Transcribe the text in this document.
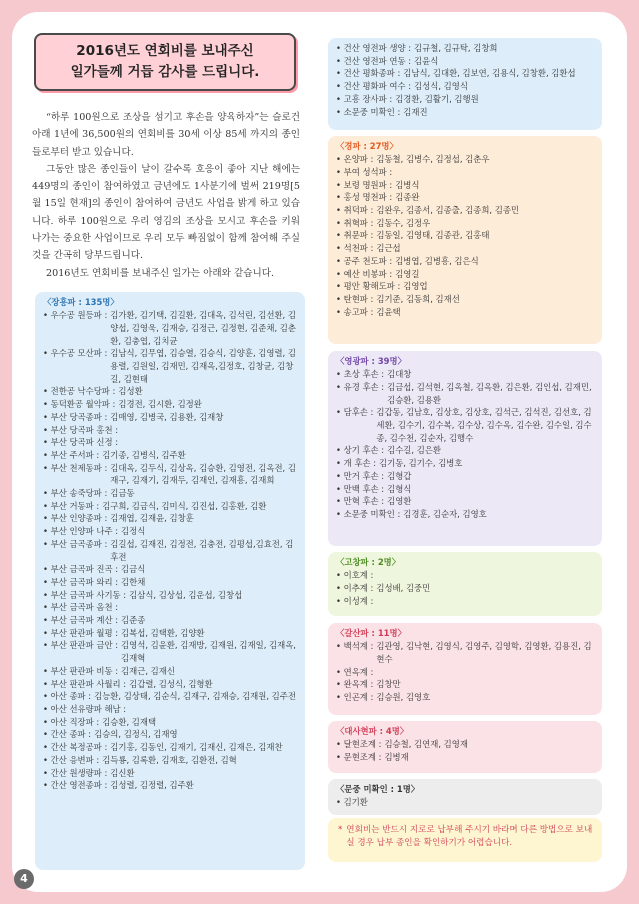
2016년도 연회비를 보내주신
일가들께 거듭 감사를 드립니다.

“하루 100원으로 조상을 섬기고 후손을 양육하자”는 슬로건 아래 1년에 36,500원의 연회비를 30세 이상 85세 까지의 종인들로부터 받고 있습니다.

그동안 많은 종인들이 날이 갈수록 호응이 좋아 지난 해에는 449명의 종인이 참여하였고 금년에도 1사분기에 벌써 219명[5월 15일 현재]의 종인이 참여하여 금년도 사업을 밝게 하고 있습니다. 하루 100원으로 우리 영김의 조상을 모시고 후손을 키워나가는 중요한 사업이므로 우리 모두 빠짐없이 함께 참여해 주실 것을 간곡히 당부드립니다.

2016년도 연회비를 보내주신 일가는 아래와 같습니다.

〈장흥파 : 135명〉
• 우수공 원등파 : 김가환, 김기택, 김길환, 김대옥, 김석린, 김선환, 김양섭, 김영욱, 김재승, 김정근, 김정현, 김준채, 김춘환, 김충엽, 김치균
• 우수공 모산파 : 김남식, 김무엽, 김승열, 김승식, 김양훈, 김영렬, 김용렬, 김원일, 김재민, 김재옥,김정호, 김창균, 김창길, 김현태
• 전한공 낙수당파 : 김성환
• 동덕환공 월악파 : 김경전, 김시환, 김정완
• 부산 당곡종파 : 김매영, 김병국, 김용환, 김재창
• 부산 당곡파 홍천 :
• 부산 당곡파 신정 :
• 부산 주서파 : 김기종, 김병식, 김주환
• 부산 천제동파 : 김대옥, 김두식, 김상옥, 김승환, 김영전, 김옥전, 김재구, 김재기, 김재두, 김재인, 김재흥, 김재희
• 부산 송죽당파 : 김금동
• 부산 거동파 : 김구희, 김금식, 김미식, 김진섭, 김홍환, 김환
• 부산 인양종파 : 김재엽, 김재윤, 김창훈
• 부산 인양파 나주 : 김정식
• 부산 금곡종파 : 김길섭, 김재진, 김정전, 김충전, 김평섭,김효전, 김후전
• 부산 금곡파 진곡 : 김금식
• 부산 금곡파 와리 : 김한채
• 부산 금곡파 사기동 : 김삼식, 김상섭, 김운섭, 김창섭
• 부산 금곡파 옴천 :
• 부산 금곡파 계산 : 김준종
• 부산 판관파 월평 : 김복섭, 김택환, 김양환
• 부산 판관파 금안 : 김영석, 김윤환, 김재방, 김재원, 김재일, 김재옥, 김재혁
• 부산 판관파 비동 : 김재근, 김재신
• 부산 판관파 사월리 : 김갑렬, 김성식, 김형환
• 아산 종파 : 김능환, 김상태, 김순식, 김재구, 김재승, 김재원, 김주전
• 아산 선유량파 해남 :
• 아산 직장파 : 김승환, 김재택
• 간산 종파 : 김승의, 김정식, 김재영
• 간산 복정공파 : 김기홍, 김동인, 김재기, 김재신, 김재은, 김재찬
• 간산 응변파 : 김득룡, 김록환, 김재호, 김환전, 김혁
• 간산 원생량파 : 김신환
• 간산 영전종파 : 김성렬, 김정렬, 김주환
• 건산 영전파 생양 : 김규철, 김규탁, 김창희
• 건산 영전파 연동 : 김윤식
• 건산 평화종파 : 김남식, 김대환, 김보연, 김용식, 김창환, 김환섭
• 건산 평화파 여수 : 김성식, 김영식
• 고흥 장사파 : 김경환, 김활기, 김행원
• 소문중 미확인 : 김재진
〈경파 : 27명〉
• 온양파 : 김동철, 김병수, 김정섭, 김춘우
• 부여 성석파 :
• 보령 명원파 : 김병식
• 홍성 명천파 : 김종완
• 취덕파 : 김완우, 김종서, 김종출, 김종희, 김종민
• 취혁파 : 김동수, 김정우
• 취문파 : 김동일, 김영태, 김종관, 김홍태
• 석천파 : 김근섭
• 공주 천도파 : 김병엽, 김병흥, 김은식
• 예산 비봉파 : 김영길
• 평안 황해도파 : 김영업
• 탄현파 : 김기준, 김동희, 김재선
• 송고파 : 김윤택
〈영광파 : 39명〉
• 초상 후손 : 김대창
• 유경 후손 : 김금섭, 김석현, 김옥철, 김옥환, 김은환, 김인섭, 김재민, 김승환, 김용환
• 담후손 : 김갑동, 김남호, 김상호, 김상호, 김석근, 김석진, 김선호, 김세환, 김수기, 김수복, 김수상, 김수옥, 김수완, 김수일, 김수종, 김수천, 김순자, 김행수
• 상기 후손 : 김수길, 김은환
• 개 후손 : 김기동, 김기수, 김병호
• 만거 후손 : 김형갑
• 만백 후손 : 김형식
• 만혁 후손 : 김영환
• 소문중 미확인 : 김경훈, 김순자, 김영호
〈고창파 : 2명〉
• 이호계 :
• 이추계 : 김성배, 김중민
• 이성계 :
〈갈산파 : 11명〉
• 백석계 : 김관영, 김낙현, 김영식, 김영주, 김영학, 김영환, 김용진, 김현수
• 연옥계 :
• 완옥계 : 김창만
• 인곤계 : 김승원, 김영호
〈대사현파 : 4명〉
• 달현조계 : 김승철, 김연재, 김영재
• 문현조계 : 김병재
〈문중 미확인 : 1명〉
• 김기환
* 연회비는 반드시 지로로 납부해 주시기 바라며 다른 방법으로 보내실 경우 납부 종인을 확인하기가 어렵습니다.
4
